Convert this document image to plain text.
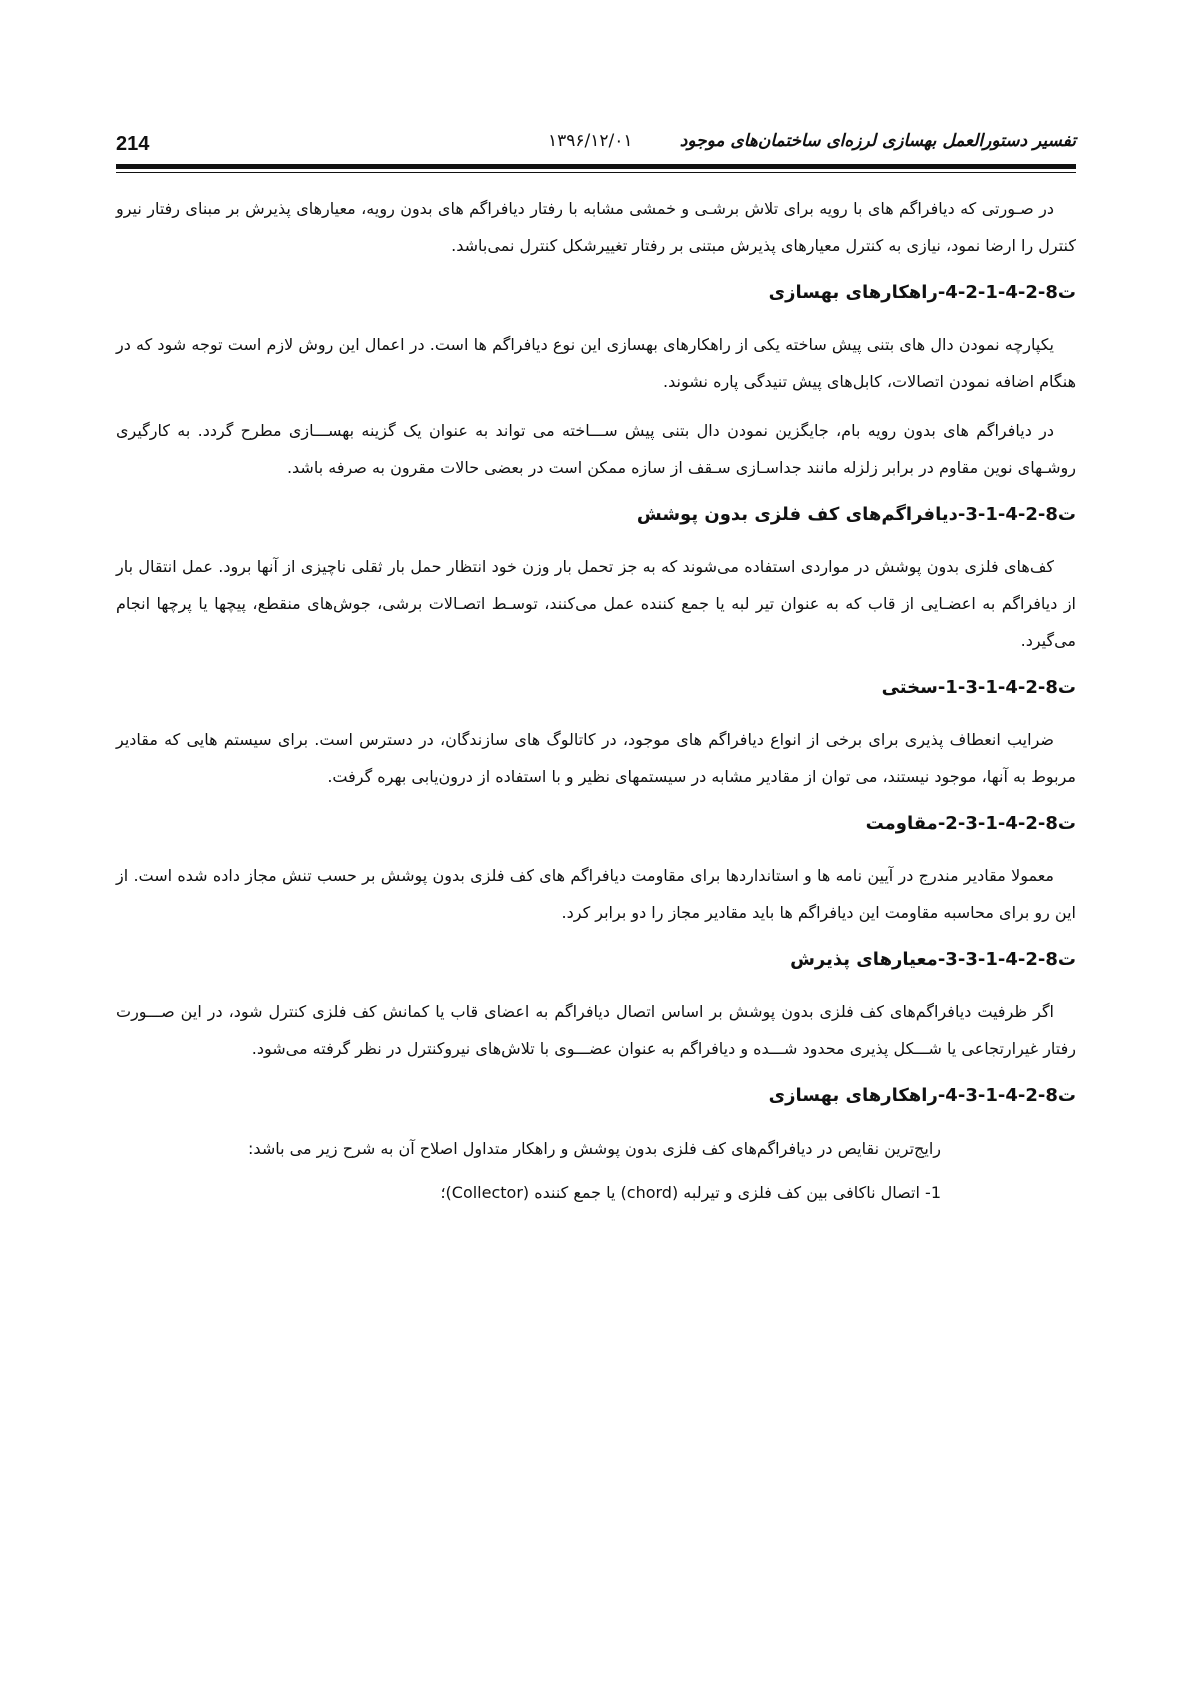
214	۱۳۹۶/۱۲/۰۱	تفسیر دستورالعمل بهسازی لرزه‌ای ساختمان‌های موجود

در صـورتی که دیافراگم های با رویه برای تلاش برشـی و خمشی مشابه با رفتار دیافراگم های بدون رویه، معیارهای پذیرش بر مبنای رفتار نیرو کنترل را ارضا نمود، نیازی به کنترل معیارهای پذیرش مبتنی بر رفتار تغییرشکل کنترل نمی‌باشد.

ت8-2-4-1-2-4-راهکارهای بهسازی

یکپارچه نمودن دال های بتنی پیش ساخته یکی از راهکارهای بهسازی این نوع دیافراگم ها است. در اعمال این روش لازم است توجه شود که در هنگام اضافه نمودن اتصالات، کابل‌های پیش تنیدگی پاره نشوند.

در دیافراگم های بدون رویه بام، جایگزین نمودن دال بتنی پیش ســـاخته می تواند به عنوان یک گزینه بهســـازی مطرح گردد. به کارگیری روشـهای نوین مقاوم در برابر زلزله مانند جداسـازی سـقف از سازه ممکن است در بعضی حالات مقرون به صرفه باشد.

ت8-2-4-1-3-دیافراگم‌های کف فلزی بدون پوشش

کف‌های فلزی بدون پوشش در مواردی استفاده می‌شوند که به جز تحمل بار وزن خود انتظار حمل بار ثقلی ناچیزی از آنها برود. عمل انتقال بار از دیافراگم به اعضـایی از قاب که به عنوان تیر لبه یا جمع کننده عمل می‌کنند، توسـط اتصـالات برشی، جوش‌های منقطع، پیچها یا پرچها انجام می‌گیرد.

ت8-2-4-1-3-1-سختی

ضرایب انعطاف پذیری برای برخی از انواع دیافراگم های موجود، در کاتالوگ های سازندگان، در دسترس است. برای سیستم هایی که مقادیر مربوط به آنها، موجود نیستند، می توان از مقادیر مشابه در سیستمهای نظیر و با استفاده از درون‌یابی بهره گرفت.

ت8-2-4-1-3-2-مقاومت

معمولا مقادیر مندرج در آیین نامه ها و استانداردها برای مقاومت دیافراگم های کف فلزی بدون پوشش بر حسب تنش مجاز داده شده است. از این رو برای محاسبه مقاومت این دیافراگم ها باید مقادیر مجاز را دو برابر کرد.

ت8-2-4-1-3-3-معیارهای پذیرش

اگر ظرفیت دیافراگم‌های کف فلزی بدون پوشش بر اساس اتصال دیافراگم به اعضای قاب یا کمانش کف فلزی کنترل شود، در این صـــورت رفتار غیرارتجاعی یا شـــکل پذیری محدود شـــده و دیافراگم به عنوان عضـــوی با تلاش‌های نیروکنترل در نظر گرفته می‌شود.

ت8-2-4-1-3-4-راهکارهای بهسازی

رایج‌ترین نقایص در دیافراگم‌های کف فلزی بدون پوشش و راهکار متداول اصلاح آن به شرح زیر می باشد:

1- اتصال ناکافی بین کف فلزی و تیرلبه (chord) یا جمع کننده (Collector)؛
